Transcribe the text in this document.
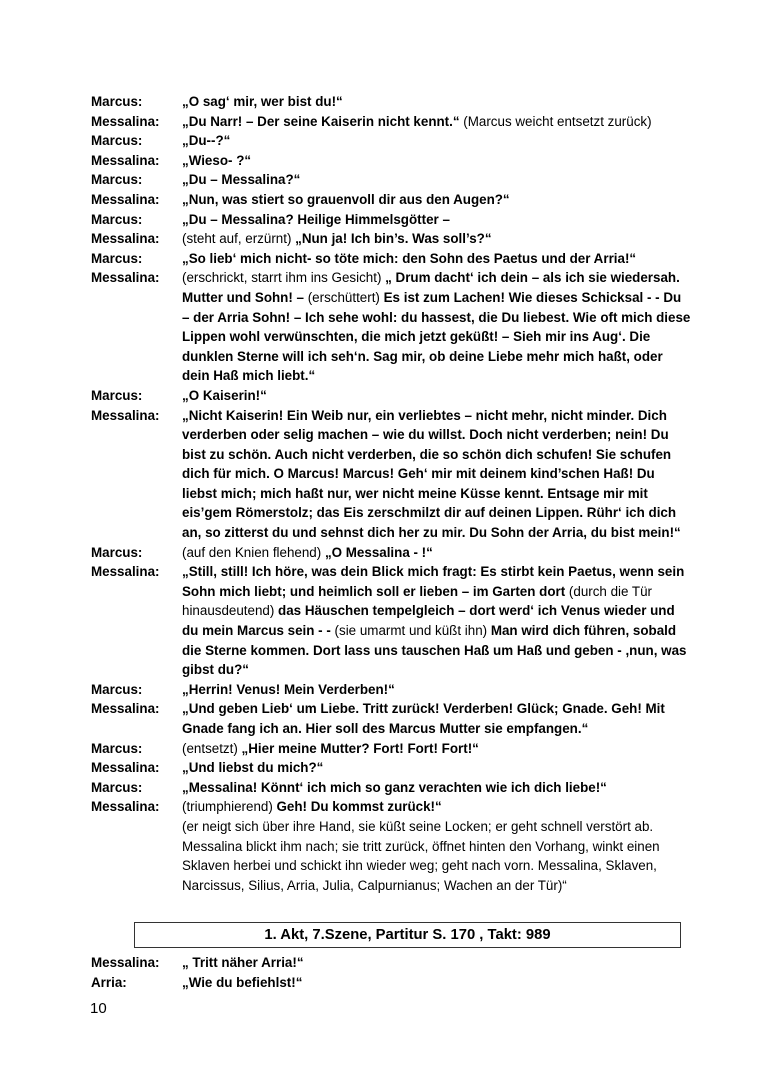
Marcus:	„O sag‘ mir, wer bist du!“
Messalina:	„Du Narr! – Der seine Kaiserin nicht kennt.“ (Marcus weicht entsetzt zurück)
Marcus:	„Du--?“
Messalina:	„Wieso- ?“
Marcus:	„Du – Messalina?“
Messalina:	„Nun, was stiert so grauenvoll dir aus den Augen?“
Marcus:	„Du – Messalina? Heilige Himmelsgötter –
Messalina:	(steht auf, erzürnt) „Nun ja! Ich bin’s. Was soll’s?“
Marcus:	„So lieb‘ mich nicht- so töte mich: den Sohn des Paetus und der Arria!“
Messalina:	(erschrickt, starrt ihm ins Gesicht) „ Drum dacht‘ ich dein – als ich sie wiedersah. Mutter und Sohn! – (erschüttert) Es ist zum Lachen! Wie dieses Schicksal - - Du – der Arria Sohn! – Ich sehe wohl: du hassest, die Du liebest. Wie oft mich diese Lippen wohl verwünschten, die mich jetzt geküßt! – Sieh mir ins Aug‘. Die dunklen Sterne will ich seh‘n. Sag mir, ob deine Liebe mehr mich haßt, oder dein Haß mich liebt.“
Marcus:	„O Kaiserin!“
Messalina:	„Nicht Kaiserin! Ein Weib nur, ein verliebtes – nicht mehr, nicht minder. Dich verderben oder selig machen – wie du willst. Doch nicht verderben; nein! Du bist zu schön. Auch nicht verderben, die so schön dich schufen! Sie schufen dich für mich. O Marcus! Marcus! Geh‘ mir mit deinem kind’schen Haß! Du liebst mich; mich haßt nur, wer nicht meine Küsse kennt. Entsage mir mit eis’gem Römerstolz; das Eis zerschmilzt dir auf deinen Lippen. Rühr‘ ich dich an, so zitterst du und sehnst dich her zu mir. Du Sohn der Arria, du bist mein!“
Marcus:	(auf den Knien flehend) „O Messalina - !“
Messalina:	„Still, still! Ich höre, was dein Blick mich fragt: Es stirbt kein Paetus, wenn sein Sohn mich liebt; und heimlich soll er lieben – im Garten dort (durch die Tür hinausdeutend) das Häuschen tempelgleich – dort werd‘ ich Venus wieder und du mein Marcus sein - - (sie umarmt und küßt ihn) Man wird dich führen, sobald die Sterne kommen. Dort lass uns tauschen Haß um Haß und geben - ,nun, was gibst du?“
Marcus:	„Herrin! Venus! Mein Verderben!“
Messalina:	„Und geben Lieb‘ um Liebe. Tritt zurück! Verderben! Glück; Gnade. Geh! Mit Gnade fang ich an. Hier soll des Marcus Mutter sie empfangen.“
Marcus:	(entsetzt) „Hier meine Mutter? Fort! Fort! Fort!“
Messalina:	„Und liebst du mich?“
Marcus:	„Messalina! Könnt‘ ich mich so ganz verachten wie ich dich liebe!“
Messalina:	(triumphierend) Geh! Du kommst zurück!“
(er neigt sich über ihre Hand, sie küßt seine Locken; er geht schnell verstört ab. Messalina blickt ihm nach; sie tritt zurück, öffnet hinten den Vorhang, winkt einen Sklaven herbei und schickt ihn wieder weg; geht nach vorn. Messalina, Sklaven, Narcissus, Silius, Arria, Julia, Calpurnianus; Wachen an der Tür)“
1. Akt, 7.Szene, Partitur S. 170 , Takt: 989
Messalina:	„ Tritt näher Arria!“
Arria:	„Wie du befiehlst!“
10
